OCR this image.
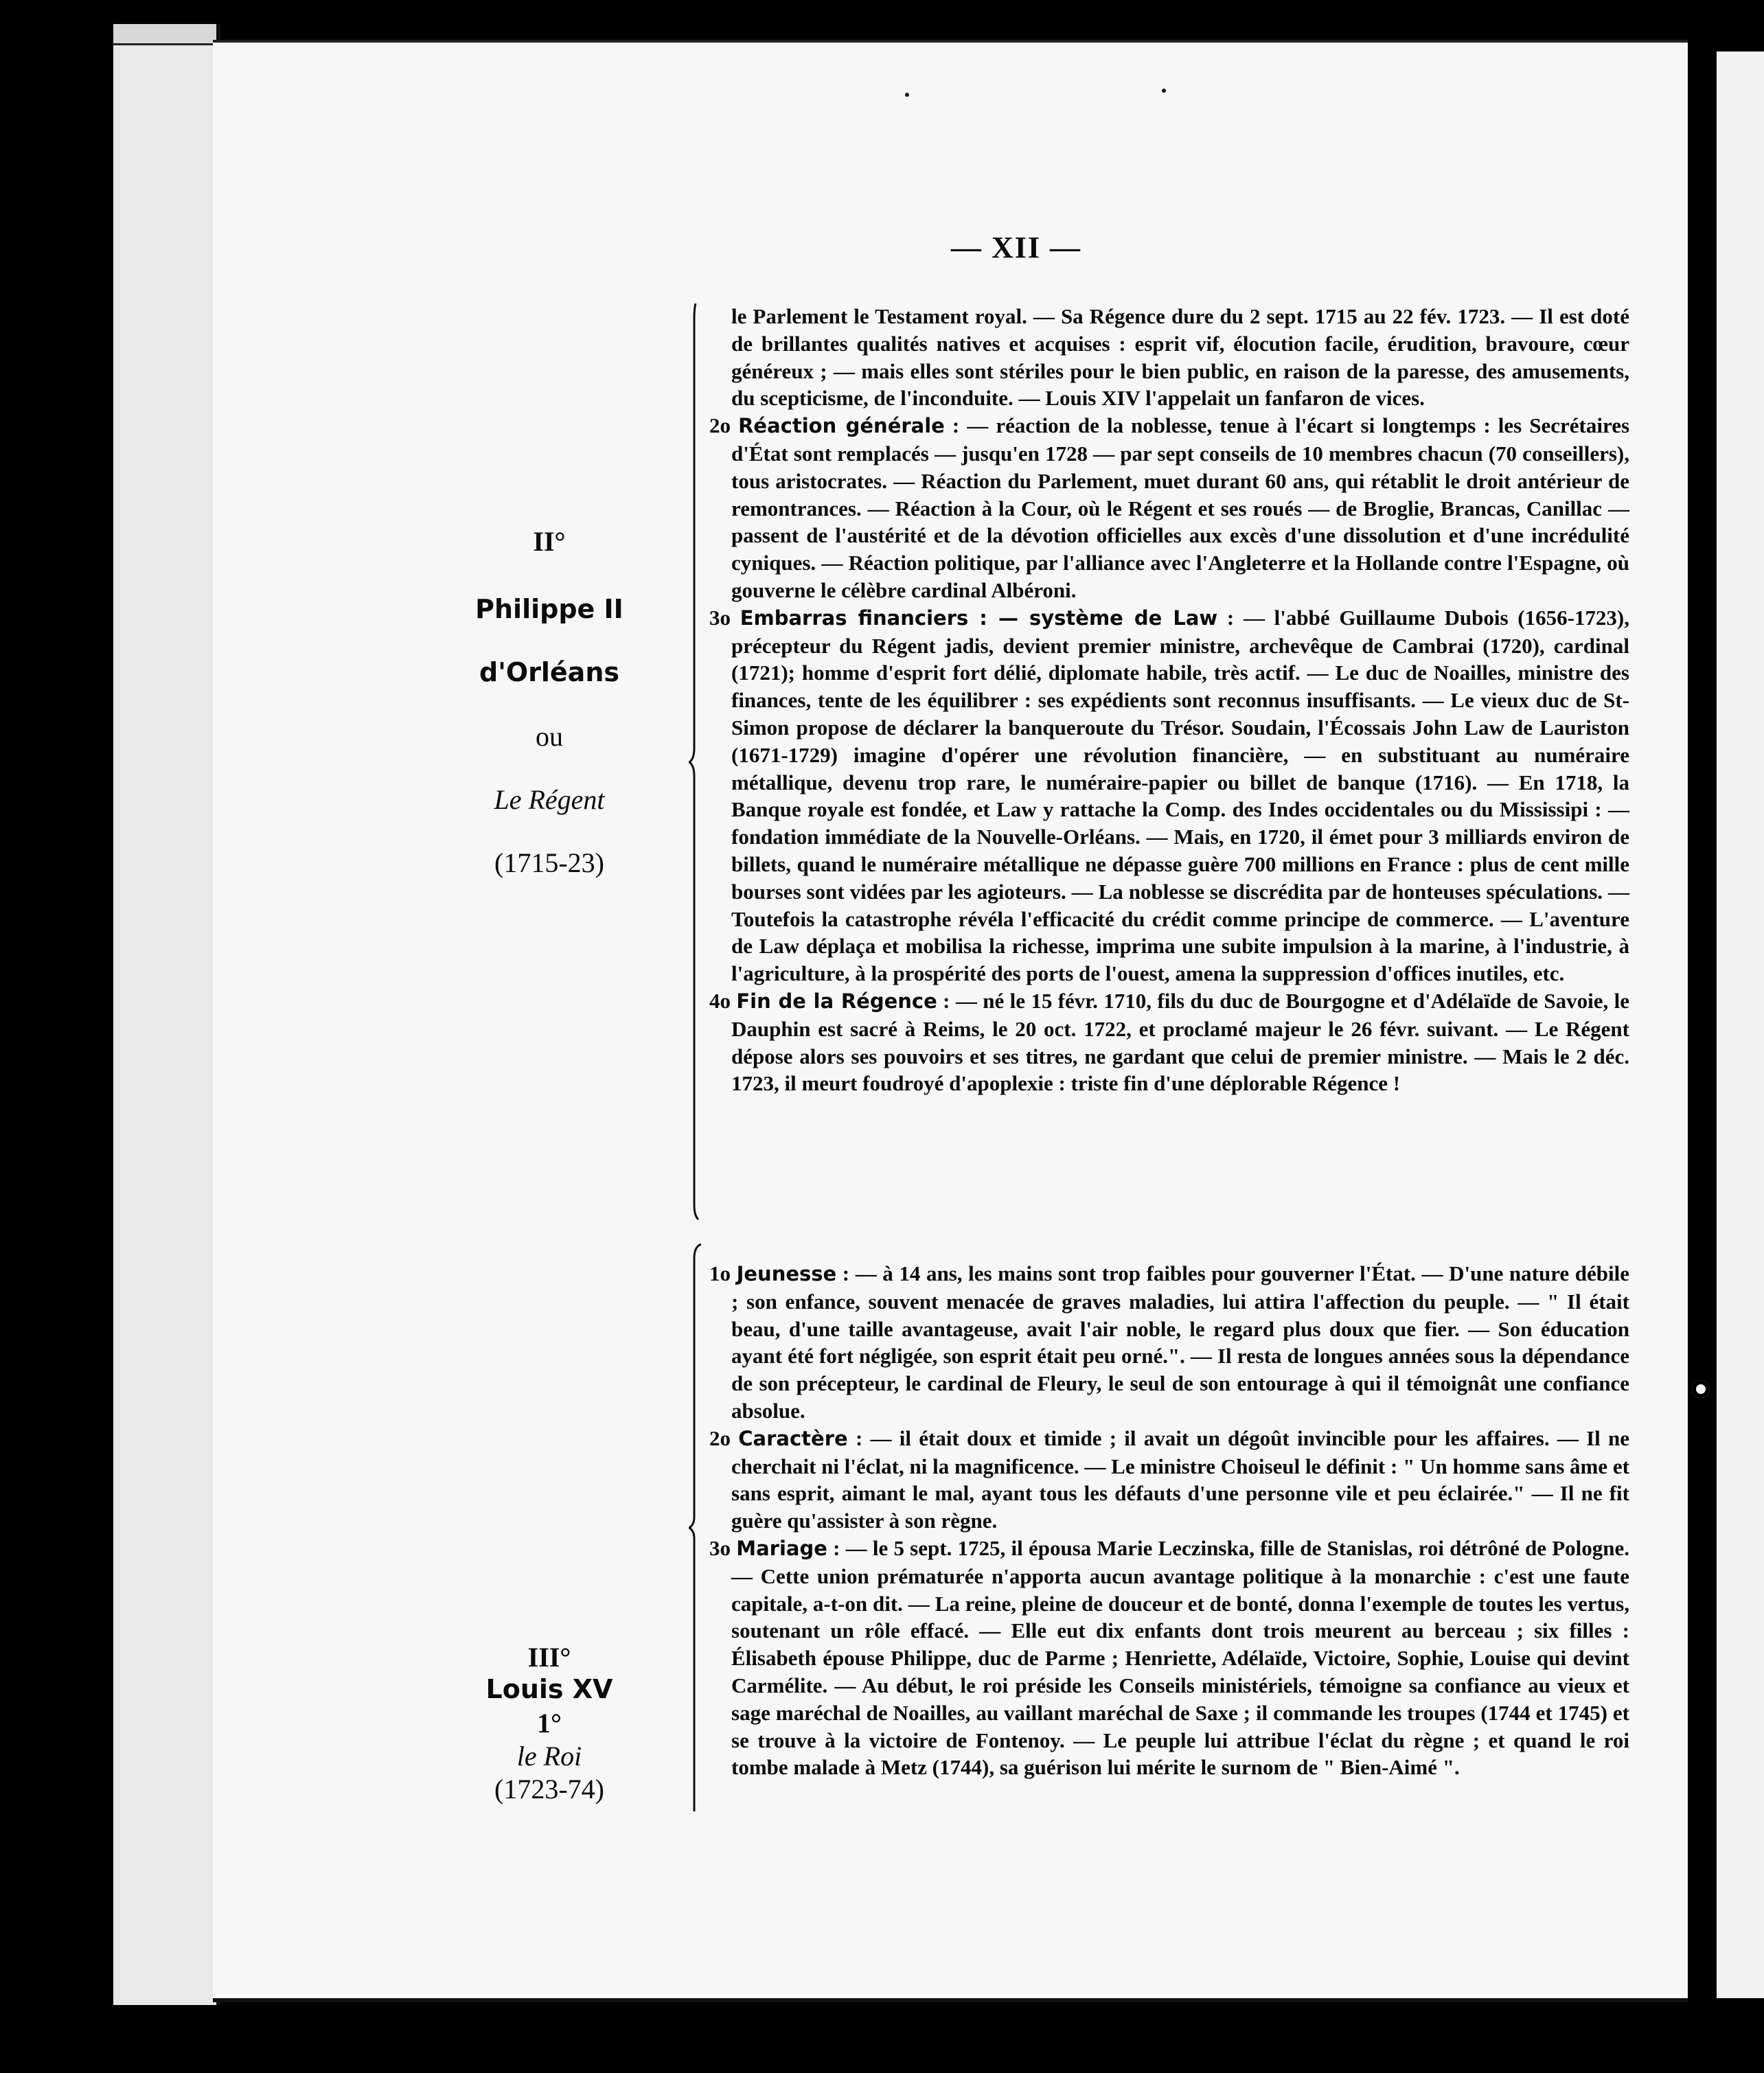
— XII —
II°
Philippe II
d'Orléans
ou
Le Régent
(1715-23)

le Parlement le Testament royal. — Sa Régence dure du 2 sept. 1715 au 22 fév. 1723. — Il est doté de brillantes qualités natives et acquises : esprit vif, élocution facile, érudition, bravoure, cœur généreux ; — mais elles sont stériles pour le bien public, en raison de la paresse, des amusements, du scepticisme, de l'inconduite. — Louis XIV l'appelait un fanfaron de vices.

2o Réaction générale : — réaction de la noblesse, tenue à l'écart si longtemps : les Secrétaires d'État sont remplacés — jusqu'en 1728 — par sept conseils de 10 membres chacun (70 conseillers), tous aristocrates. — Réaction du Parlement, muet durant 60 ans, qui rétablit le droit antérieur de remontrances. — Réaction à la Cour, où le Régent et ses roués — de Broglie, Brancas, Canillac — passent de l'austérité et de la dévotion officielles aux excès d'une dissolution et d'une incrédulité cyniques. — Réaction politique, par l'alliance avec l'Angleterre et la Hollande contre l'Espagne, où gouverne le célèbre cardinal Albéroni.

3o Embarras financiers : — système de Law : — l'abbé Guillaume Dubois (1656-1723), précepteur du Régent jadis, devient premier ministre, archevêque de Cambrai (1720), cardinal (1721); homme d'esprit fort délié, diplomate habile, très actif. — Le duc de Noailles, ministre des finances, tente de les équilibrer : ses expédients sont reconnus insuffisants. — Le vieux duc de St-Simon propose de déclarer la banqueroute du Trésor. Soudain, l'Écossais John Law de Lauriston (1671-1729) imagine d'opérer une révolution financière, — en substituant au numéraire métallique, devenu trop rare, le numéraire-papier ou billet de banque (1716). — En 1718, la Banque royale est fondée, et Law y rattache la Comp. des Indes occidentales ou du Mississipi : — fondation immédiate de la Nouvelle-Orléans. — Mais, en 1720, il émet pour 3 milliards environ de billets, quand le numéraire métallique ne dépasse guère 700 millions en France : plus de cent mille bourses sont vidées par les agioteurs. — La noblesse se discrédita par de honteuses spéculations. — Toutefois la catastrophe révéla l'efficacité du crédit comme principe de commerce. — L'aventure de Law déplaça et mobilisa la richesse, imprima une subite impulsion à la marine, à l'industrie, à l'agriculture, à la prospérité des ports de l'ouest, amena la suppression d'offices inutiles, etc.

4o Fin de la Régence : — né le 15 févr. 1710, fils du duc de Bourgogne et d'Adélaïde de Savoie, le Dauphin est sacré à Reims, le 20 oct. 1722, et proclamé majeur le 26 févr. suivant. — Le Régent dépose alors ses pouvoirs et ses titres, ne gardant que celui de premier ministre. — Mais le 2 déc. 1723, il meurt foudroyé d'apoplexie : triste fin d'une déplorable Régence !

III°
Louis XV
1°
le Roi
(1723-74)

1o Jeunesse : — à 14 ans, les mains sont trop faibles pour gouverner l'État. — D'une nature débile ; son enfance, souvent menacée de graves maladies, lui attira l'affection du peuple. — " Il était beau, d'une taille avantageuse, avait l'air noble, le regard plus doux que fier. — Son éducation ayant été fort négligée, son esprit était peu orné.". — Il resta de longues années sous la dépendance de son précepteur, le cardinal de Fleury, le seul de son entourage à qui il témoignât une confiance absolue.

2o Caractère : — il était doux et timide ; il avait un dégoût invincible pour les affaires. — Il ne cherchait ni l'éclat, ni la magnificence. — Le ministre Choiseul le définit : " Un homme sans âme et sans esprit, aimant le mal, ayant tous les défauts d'une personne vile et peu éclairée." — Il ne fit guère qu'assister à son règne.

3o Mariage : — le 5 sept. 1725, il épousa Marie Leczinska, fille de Stanislas, roi détrôné de Pologne. — Cette union prématurée n'apporta aucun avantage politique à la monarchie : c'est une faute capitale, a-t-on dit. — La reine, pleine de douceur et de bonté, donna l'exemple de toutes les vertus, soutenant un rôle effacé. — Elle eut dix enfants dont trois meurent au berceau ; six filles : Élisabeth épouse Philippe, duc de Parme ; Henriette, Adélaïde, Victoire, Sophie, Louise qui devint Carmélite. — Au début, le roi préside les Conseils ministériels, témoigne sa confiance au vieux et sage maréchal de Noailles, au vaillant maréchal de Saxe ; il commande les troupes (1744 et 1745) et se trouve à la victoire de Fontenoy. — Le peuple lui attribue l'éclat du règne ; et quand le roi tombe malade à Metz (1744), sa guérison lui mérite le surnom de " Bien-Aimé ".
